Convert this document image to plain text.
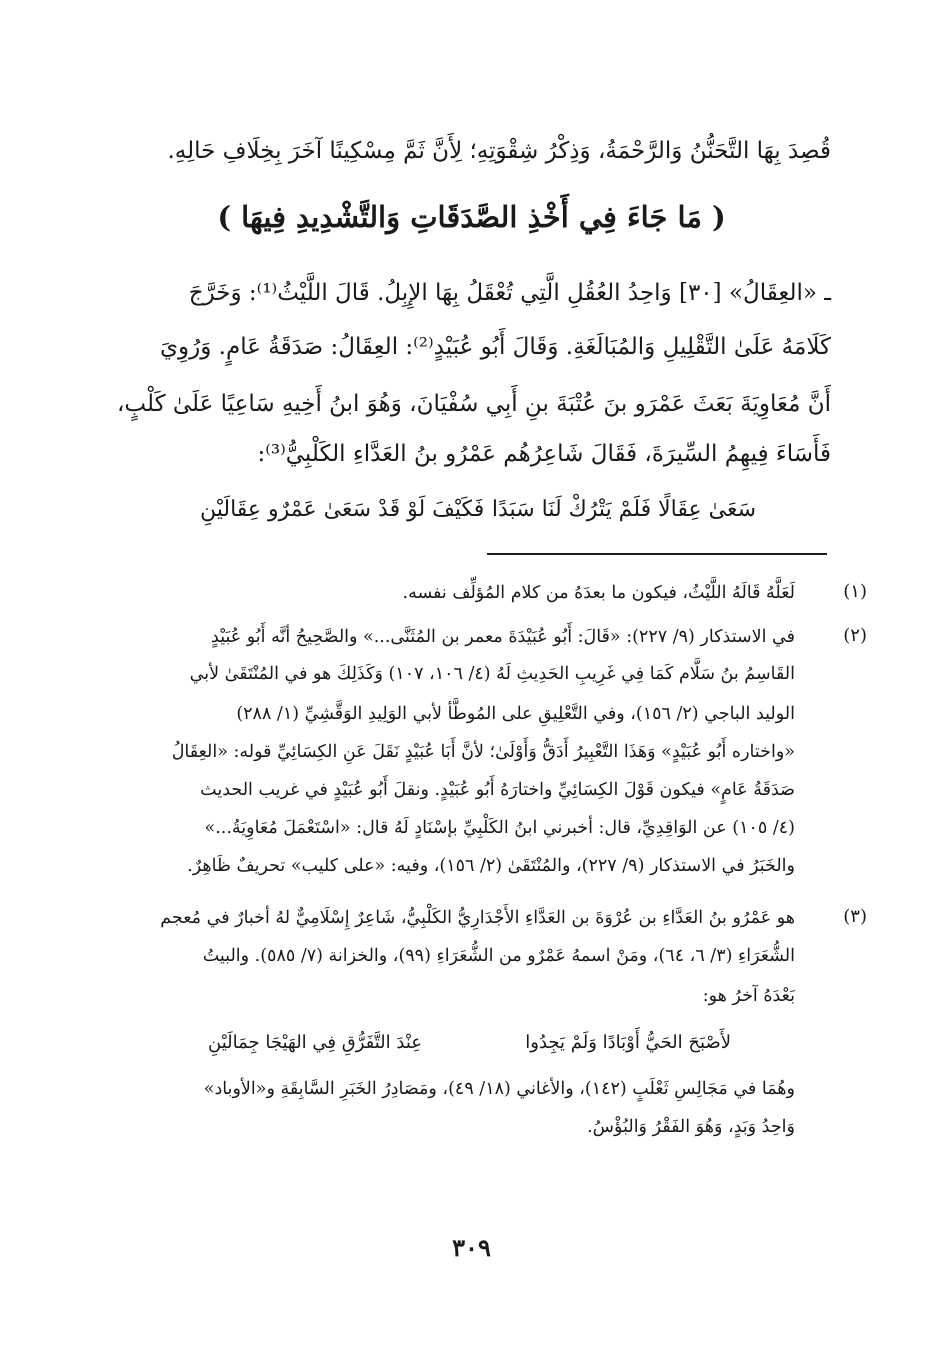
قُصِدَ بِهَا التَّحَنُّنُ وَالرَّحْمَةُ، وَذِكْرُ شِقْوَتِهِ؛ لِأَنَّ ثَمَّ مِسْكِينًا آخَرَ بِخِلَافِ حَالِهِ.
( مَا جَاءَ فِي أَخْذِ الصَّدَقَاتِ وَالتَّشْدِيدِ فِيهَا )
ـ «العِقَالُ» [٣٠] وَاحِدُ العُقُلِ الَّتِي تُعْقَلُ بِهَا الإِبِلُ. قَالَ اللَّيْثُ⁽¹⁾: وَخَرَّجَ
كَلَامَهُ عَلَىٰ التَّقْلِيلِ وَالمُبَالَغَةِ. وَقَالَ أَبُو عُبَيْدٍ⁽²⁾: العِقَالُ: صَدَقَةُ عَامٍ. وَرُوِيَ
أَنَّ مُعَاوِيَةَ بَعَثَ عَمْرَو بنَ عُتْبَةَ بنِ أَبِي سُفْيَانَ، وَهُوَ ابنُ أَخِيهِ سَاعِيًا عَلَىٰ كَلْبٍ،
فَأَسَاءَ فِيهِمُ السِّيرَةَ، فَقَالَ شَاعِرُهُم عَمْرُو بنُ العَدَّاءِ الكَلْبِيُّ⁽³⁾:
سَعَىٰ عِقَالًا فَلَمْ يَتْرُكْ لَنَا سَبَدًا
فَكَيْفَ لَوْ قَدْ سَعَىٰ عَمْرٌو عِقَالَيْنِ
(١)
لَعَلَّهُ قَالَهُ اللَّيْثُ، فيكون ما بعدَهُ من كلام المُؤلِّف نفسه.
(٢)
في الاستذكار (٩/ ٢٢٧): «قَالَ: أَبُو عُبَيْدَةَ معمر بن المُثَنَّى...» والصَّحِيحُ أنَّه أَبُو عُبَيْدٍ
القَاسِمُ بنُ سَلَّام كَمَا فِي غَرِيبِ الحَدِيثِ لَهُ (٤/ ١٠٦، ١٠٧) وَكَذَلِكَ هو في المُنْتَقَىٰ لأبي
الوليد الباجي (٢/ ١٥٦)، وفي التَّعْلِيقِ على المُوطَّأ لأبي الوَلِيدِ الوَقَّشِيِّ (١/ ٢٨٨)
«واختاره أَبُو عُبَيْدٍ» وَهَذَا التَّعْبِيرُ أَدَقُّ وَأَوْلَىٰ؛ لأنَّ أَبَا عُبَيْدٍ نَقَلَ عَنِ الكِسَائِيِّ قوله: «العِقَالُ
صَدَقَةُ عَامٍ» فيكون قَوْلَ الكِسَائِيِّ واختارَهُ أَبُو عُبَيْدٍ. ونقلَ أَبُو عُبَيْدٍ في غريب الحديث
(٤/ ١٠٥) عن الوَاقِدِيِّ، قال: أخبرني ابنُ الكَلْبِيِّ بإسْنَادٍ لَهُ قال: «اسْتَعْمَلَ مُعَاوِيَةُ...»
والخَبَرُ في الاستذكار (٩/ ٢٢٧)، والمُنْتَقَىٰ (٢/ ١٥٦)، وفيه: «على كليب» تحريفٌ ظَاهِرٌ.
(٣)
هو عَمْرُو بنُ العَدَّاءِ بن عُرْوَةَ بن العَدَّاءِ الأَجْدَارِيُّ الكَلْبِيُّ، شَاعِرٌ إِسْلَامِيٌّ لهُ أخبارٌ في مُعجم
الشُّعَرَاءِ (٣/ ٦، ٦٤)، ومَنْ اسمهُ عَمْرٌو من الشُّعَرَاءِ (٩٩)، والخزانة (٧/ ٥٨٥). والبيتُ
بَعْدَهُ آخرُ هو:
لأَصْبَحَ الحَيُّ أَوْبَادًا وَلَمْ يَجِدُوا
عِنْدَ التَّفَرُّقِ فِي الهَيْجَا جِمَالَيْنِ
وهُمَا في مَجَالِسِ ثَعْلَبٍ (١٤٢)، والأغاني (١٨/ ٤٩)، ومَصَادِرُ الخَبَرِ السَّابِقَةِ و«الأوباد»
وَاحِدُ وَبَدٍ، وَهُوَ الفَقْرُ وَالبُؤْسُ.
٣٠٩
